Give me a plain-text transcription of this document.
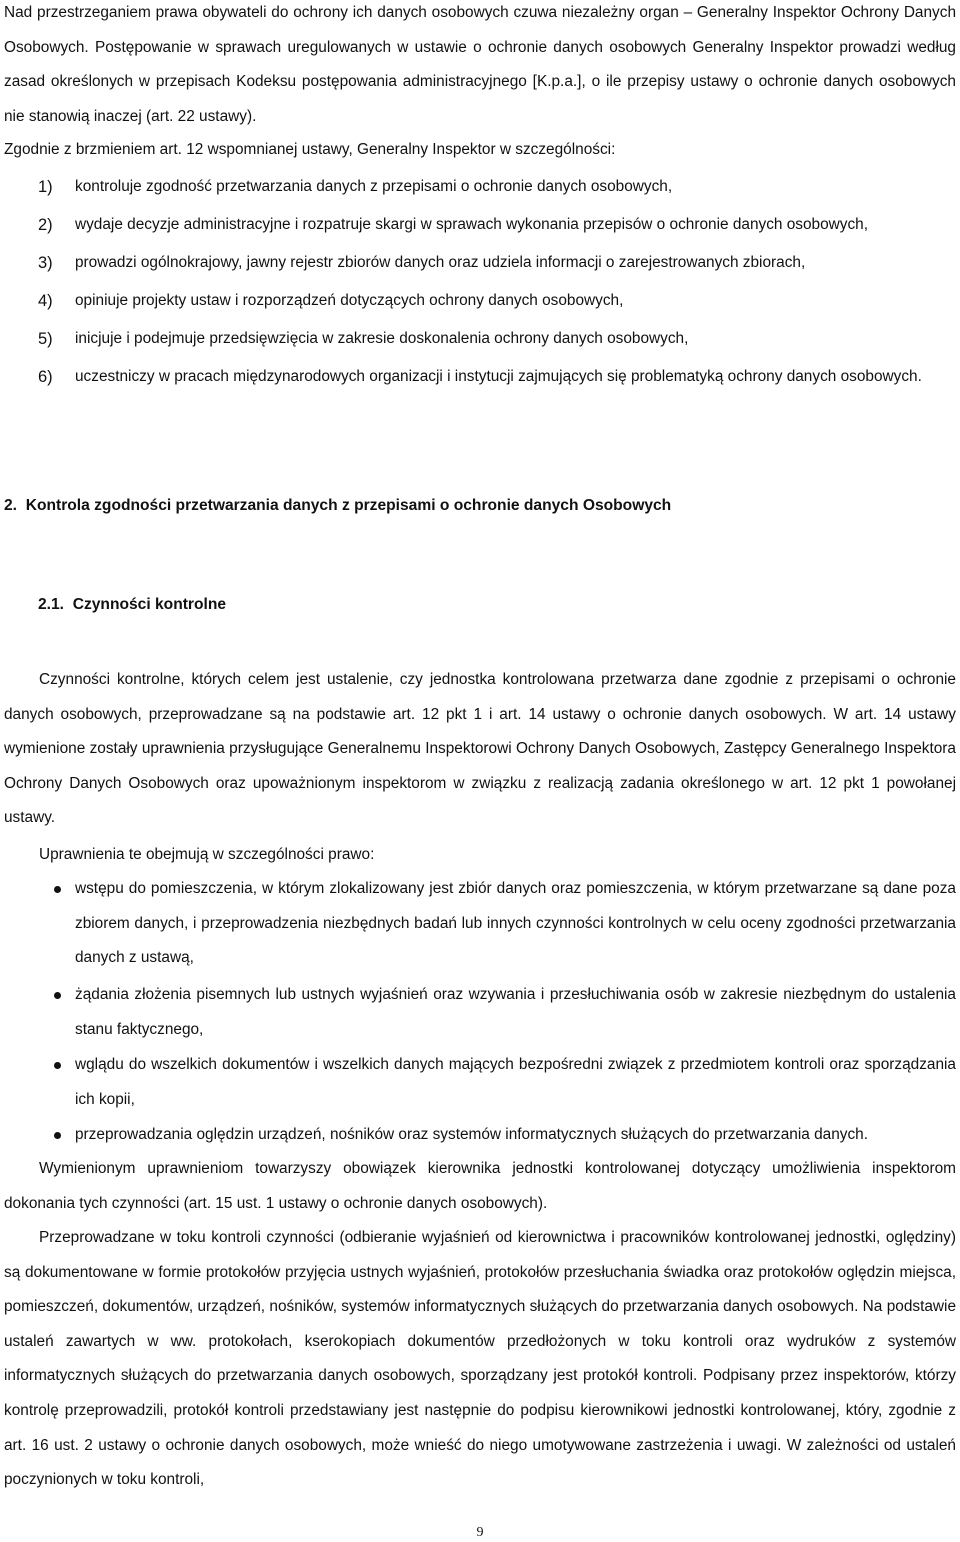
Nad przestrzeganiem prawa obywateli do ochrony ich danych osobowych czuwa niezależny organ – Generalny Inspektor Ochrony Danych Osobowych. Postępowanie w sprawach uregulowanych w ustawie o ochronie danych osobowych Generalny Inspektor prowadzi według zasad określonych w przepisach Kodeksu postępowania administracyjnego [K.p.a.], o ile przepisy ustawy o ochronie danych osobowych nie stanowią inaczej (art. 22 ustawy).

Zgodnie z brzmieniem art. 12 wspomnianej ustawy, Generalny Inspektor w szczególności:

1) kontroluje zgodność przetwarzania danych z przepisami o ochronie danych osobowych,
2) wydaje decyzje administracyjne i rozpatruje skargi w sprawach wykonania przepisów o ochronie danych osobowych,
3) prowadzi ogólnokrajowy, jawny rejestr zbiorów danych oraz udziela informacji o zarejestrowanych zbiorach,
4) opiniuje projekty ustaw i rozporządzeń dotyczących ochrony danych osobowych,
5) inicjuje i podejmuje przedsięwzięcia w zakresie doskonalenia ochrony danych osobowych,
6) uczestniczy w pracach międzynarodowych organizacji i instytucji zajmujących się problematyką ochrony danych osobowych.
2. Kontrola zgodności przetwarzania danych z przepisami o ochronie danych Osobowych
2.1. Czynności kontrolne

Czynności kontrolne, których celem jest ustalenie, czy jednostka kontrolowana przetwarza dane zgodnie z przepisami o ochronie danych osobowych, przeprowadzane są na podstawie art. 12 pkt 1 i art. 14 ustawy o ochronie danych osobowych. W art. 14 ustawy wymienione zostały uprawnienia przysługujące Generalnemu Inspektorowi Ochrony Danych Osobowych, Zastępcy Generalnego Inspektora Ochrony Danych Osobowych oraz upoważnionym inspektorom w związku z realizacją zadania określonego w art. 12 pkt 1 powołanej ustawy.

Uprawnienia te obejmują w szczególności prawo:

wstępu do pomieszczenia, w którym zlokalizowany jest zbiór danych oraz pomieszczenia, w którym przetwarzane są dane poza zbiorem danych, i przeprowadzenia niezbędnych badań lub innych czynności kontrolnych w celu oceny zgodności przetwarzania danych z ustawą,
żądania złożenia pisemnych lub ustnych wyjaśnień oraz wzywania i przesłuchiwania osób w zakresie niezbędnym do ustalenia stanu faktycznego,
wglądu do wszelkich dokumentów i wszelkich danych mających bezpośredni związek z przedmiotem kontroli oraz sporządzania ich kopii,
przeprowadzania oględzin urządzeń, nośników oraz systemów informatycznych służących do przetwarzania danych.

Wymienionym uprawnieniom towarzyszy obowiązek kierownika jednostki kontrolowanej dotyczący umożliwienia inspektorom dokonania tych czynności (art. 15 ust. 1 ustawy o ochronie danych osobowych).

Przeprowadzane w toku kontroli czynności (odbieranie wyjaśnień od kierownictwa i pracowników kontrolowanej jednostki, oględziny) są dokumentowane w formie protokołów przyjęcia ustnych wyjaśnień, protokołów przesłuchania świadka oraz protokołów oględzin miejsca, pomieszczeń, dokumentów, urządzeń, nośników, systemów informatycznych służących do przetwarzania danych osobowych. Na podstawie ustaleń zawartych w ww. protokołach, kserokopiach dokumentów przedłożonych w toku kontroli oraz wydruków z systemów informatycznych służących do przetwarzania danych osobowych, sporządzany jest protokół kontroli. Podpisany przez inspektorów, którzy kontrolę przeprowadzili, protokół kontroli przedstawiany jest następnie do podpisu kierownikowi jednostki kontrolowanej, który, zgodnie z art. 16 ust. 2 ustawy o ochronie danych osobowych, może wnieść do niego umotywowane zastrzeżenia i uwagi. W zależności od ustaleń poczynionych w toku kontroli,

9
